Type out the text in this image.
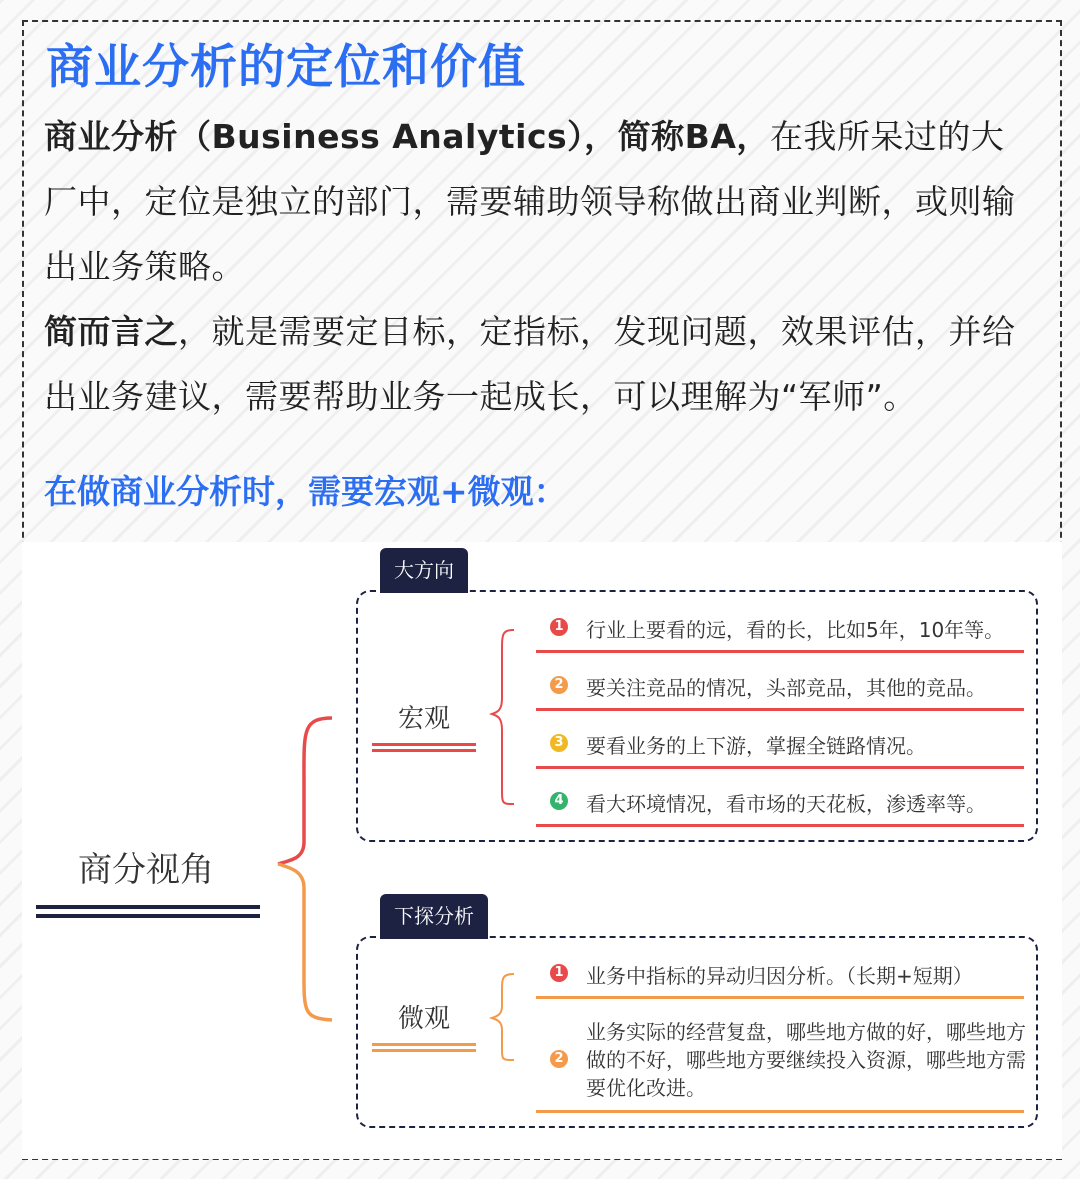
商业分析的定位和价值
商业分析（Business Analytics），简称BA，在我所呆过的大厂中，定位是独立的部门，需要辅助领导称做出商业判断，或则输出业务策略。
简而言之，就是需要定目标，定指标，发现问题，效果评估，并给出业务建议，需要帮助业务一起成长，可以理解为“军师”。
在做商业分析时，需要宏观+微观：
商分视角
大方向
宏观
1 行业上要看的远，看的长，比如5年，10年等。
2 要关注竞品的情况，头部竞品，其他的竞品。
3 要看业务的上下游，掌握全链路情况。
4 看大环境情况，看市场的天花板，渗透率等。
下探分析
微观
1 业务中指标的异动归因分析。（长期+短期）
2
业务实际的经营复盘，哪些地方做的好，哪些地方做的不好，哪些地方要继续投入资源，哪些地方需要优化改进。
